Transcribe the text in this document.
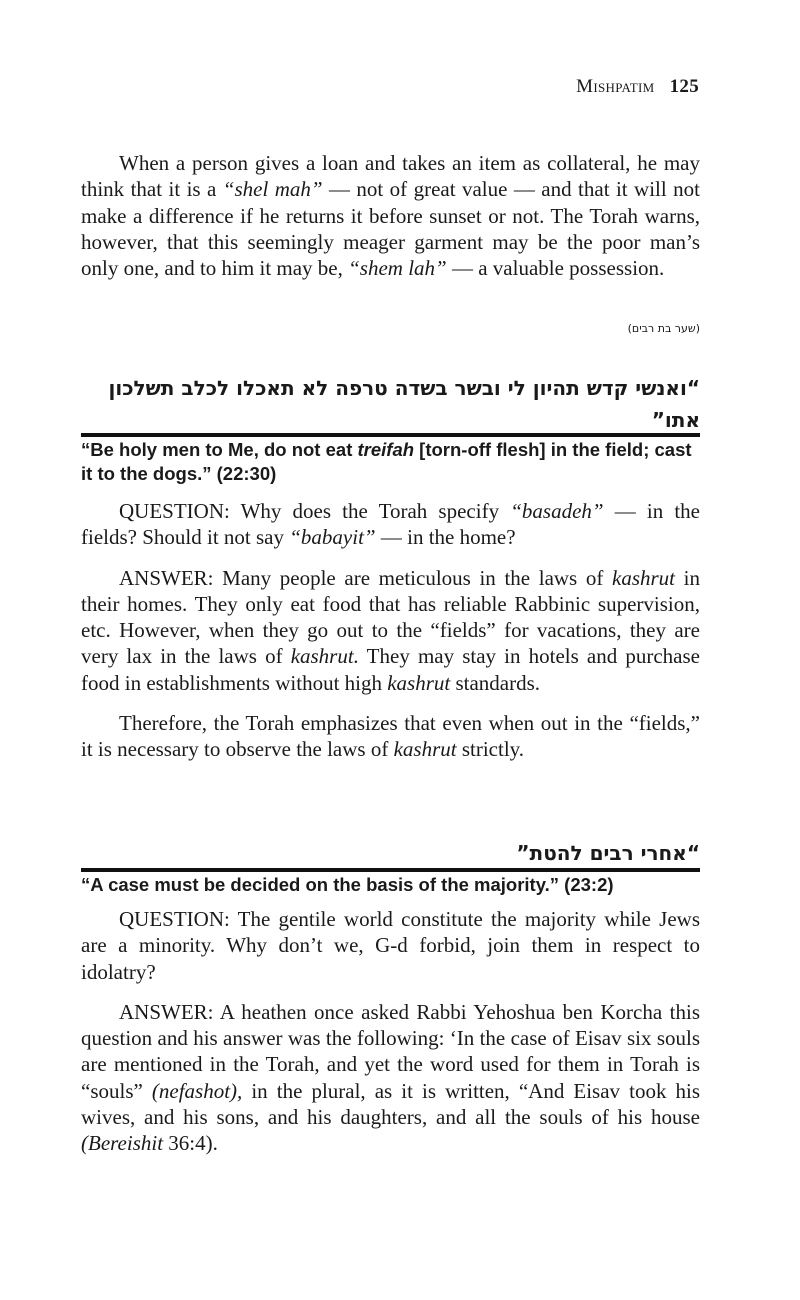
Mishpatim 125

When a person gives a loan and takes an item as collateral, he may think that it is a “shel mah” — not of great value — and that it will not make a difference if he returns it before sunset or not. The Torah warns, however, that this seemingly meager garment may be the poor man’s only one, and to him it may be, “shem lah” — a valuable possession.

(שער בת רבים)
“ואנשי קדש תהיון לי ובשר בשדה טרפה לא תאכלו לכלב תשלכון אתו”
“Be holy men to Me, do not eat treifah [torn-off flesh] in the field; cast it to the dogs.” (22:30)

QUESTION: Why does the Torah specify “basadeh” — in the fields? Should it not say “babayit” — in the home?

ANSWER: Many people are meticulous in the laws of kashrut in their homes. They only eat food that has reliable Rabbinic supervision, etc. However, when they go out to the “fields” for vacations, they are very lax in the laws of kashrut. They may stay in hotels and purchase food in establishments without high kashrut standards.

Therefore, the Torah emphasizes that even when out in the “fields,” it is necessary to observe the laws of kashrut strictly.

“אחרי רבים להטת”
“A case must be decided on the basis of the majority.” (23:2)

QUESTION: The gentile world constitute the majority while Jews are a minority. Why don’t we, G-d forbid, join them in respect to idolatry?

ANSWER: A heathen once asked Rabbi Yehoshua ben Korcha this question and his answer was the following: ‘In the case of Eisav six souls are mentioned in the Torah, and yet the word used for them in Torah is “souls” (nefashot), in the plural, as it is written, “And Eisav took his wives, and his sons, and his daughters, and all the souls of his house (Bereishit 36:4).
